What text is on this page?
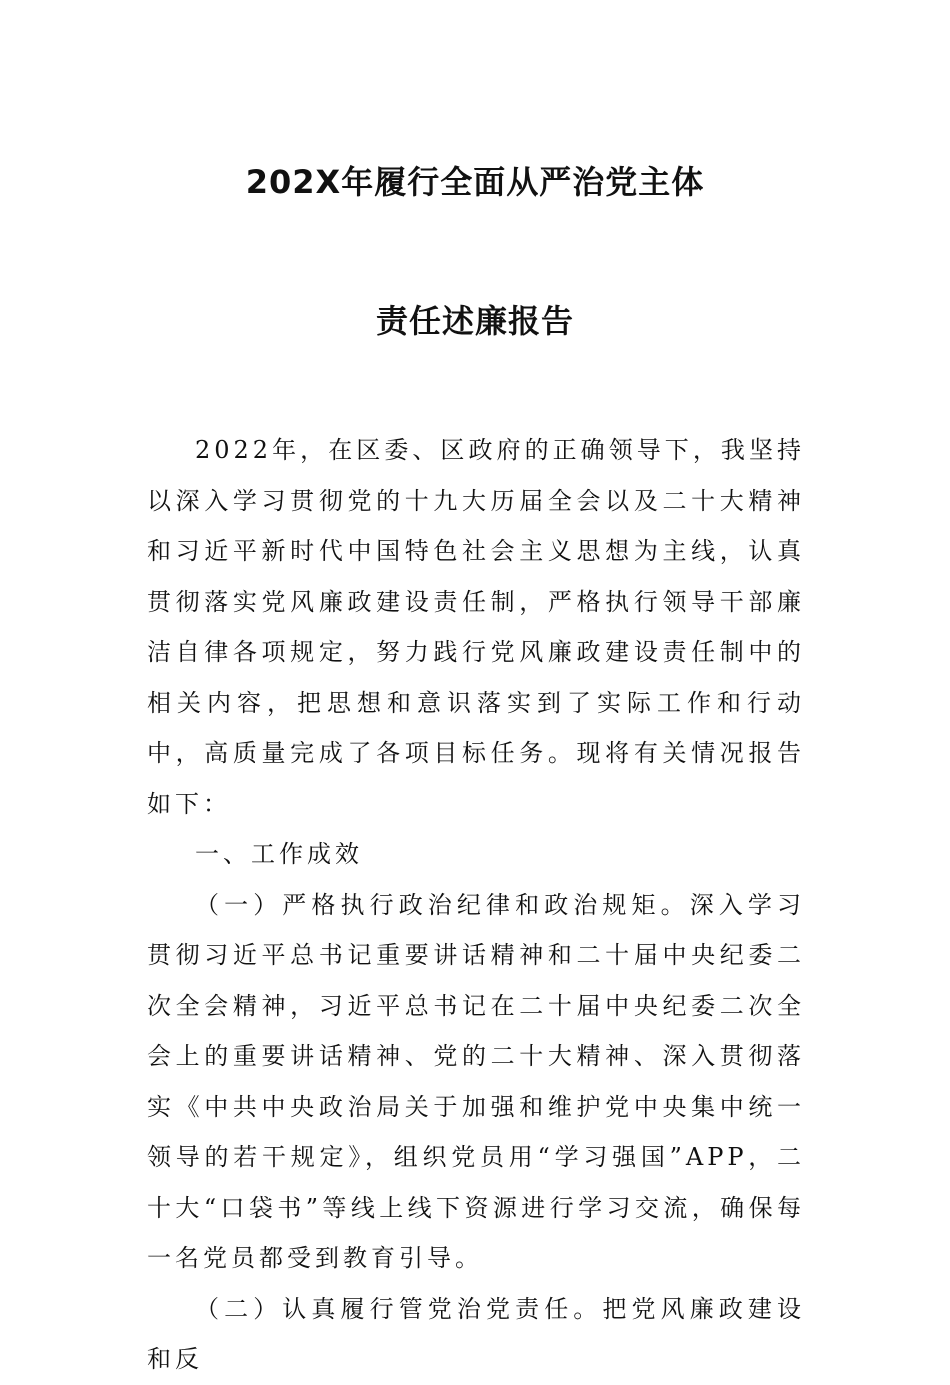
202X年履行全面从严治党主体
责任述廉报告

2022年，在区委、区政府的正确领导下，我坚持以深入学习贯彻党的十九大历届全会以及二十大精神和习近平新时代中国特色社会主义思想为主线，认真贯彻落实党风廉政建设责任制，严格执行领导干部廉洁自律各项规定，努力践行党风廉政建设责任制中的相关内容，把思想和意识落实到了实际工作和行动中，高质量完成了各项目标任务。现将有关情况报告如下：

一、工作成效

（一）严格执行政治纪律和政治规矩。深入学习贯彻习近平总书记重要讲话精神和二十届中央纪委二次全会精神，习近平总书记在二十届中央纪委二次全会上的重要讲话精神、党的二十大精神、深入贯彻落实《中共中央政治局关于加强和维护党中央集中统一领导的若干规定》，组织党员用“学习强国”APP，二十大“口袋书”等线上线下资源进行学习交流，确保每一名党员都受到教育引导。

（二）认真履行管党治党责任。把党风廉政建设和反
